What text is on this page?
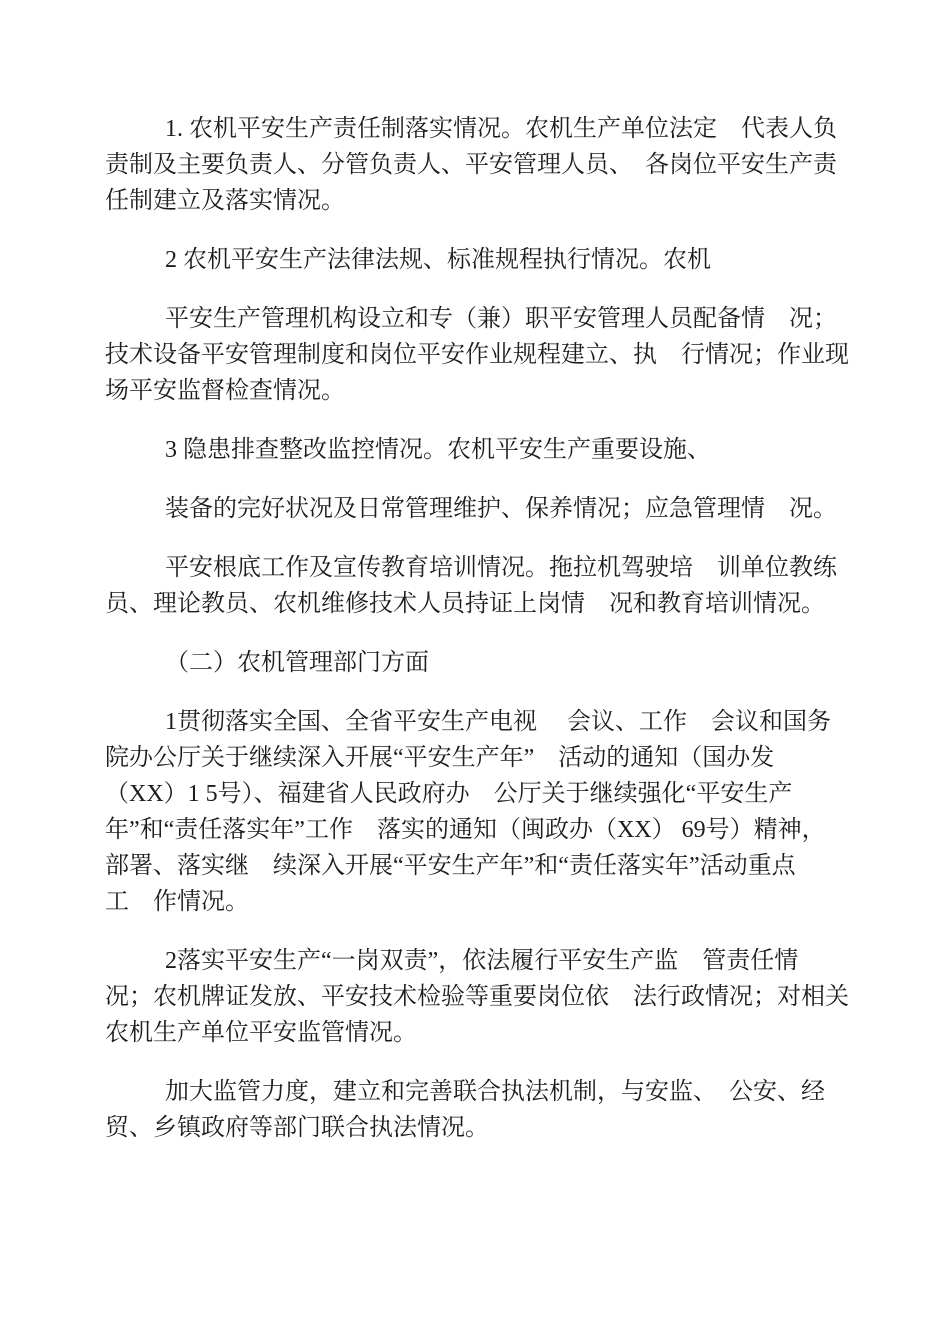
1. 农机平安生产责任制落实情况。农机生产单位法定　代表人负
责制及主要负责人、分管负责人、平安管理人员、　各岗位平安生产责
任制建立及落实情况。
2 农机平安生产法律法规、标准规程执行情况。农机
平安生产管理机构设立和专（兼）职平安管理人员配备情　况；
技术设备平安管理制度和岗位平安作业规程建立、执　行情况；作业现
场平安监督检查情况。
3 隐患排查整改监控情况。农机平安生产重要设施、
装备的完好状况及日常管理维护、保养情况；应急管理情　况。
平安根底工作及宣传教育培训情况。拖拉机驾驶培　训单位教练
员、理论教员、农机维修技术人员持证上岗情　况和教育培训情况。
（二）农机管理部门方面
1贯彻落实全国、全省平安生产电视　 会议、工作　会议和国务
院办公厅关于继续深入开展“平安生产年”　活动的通知（国办发
（XX）1 5号）、福建省人民政府办　公厅关于继续强化“平安生产
年”和“责任落实年”工作　落实的通知（闽政办（XX） 69号）精神，
部署、落实继　续深入开展“平安生产年”和“责任落实年”活动重点
工　作情况。
2落实平安生产“一岗双责”，依法履行平安生产监　管责任情
况；农机牌证发放、平安技术检验等重要岗位依　法行政情况；对相关
农机生产单位平安监管情况。
加大监管力度，建立和完善联合执法机制，与安监、　公安、经
贸、乡镇政府等部门联合执法情况。
